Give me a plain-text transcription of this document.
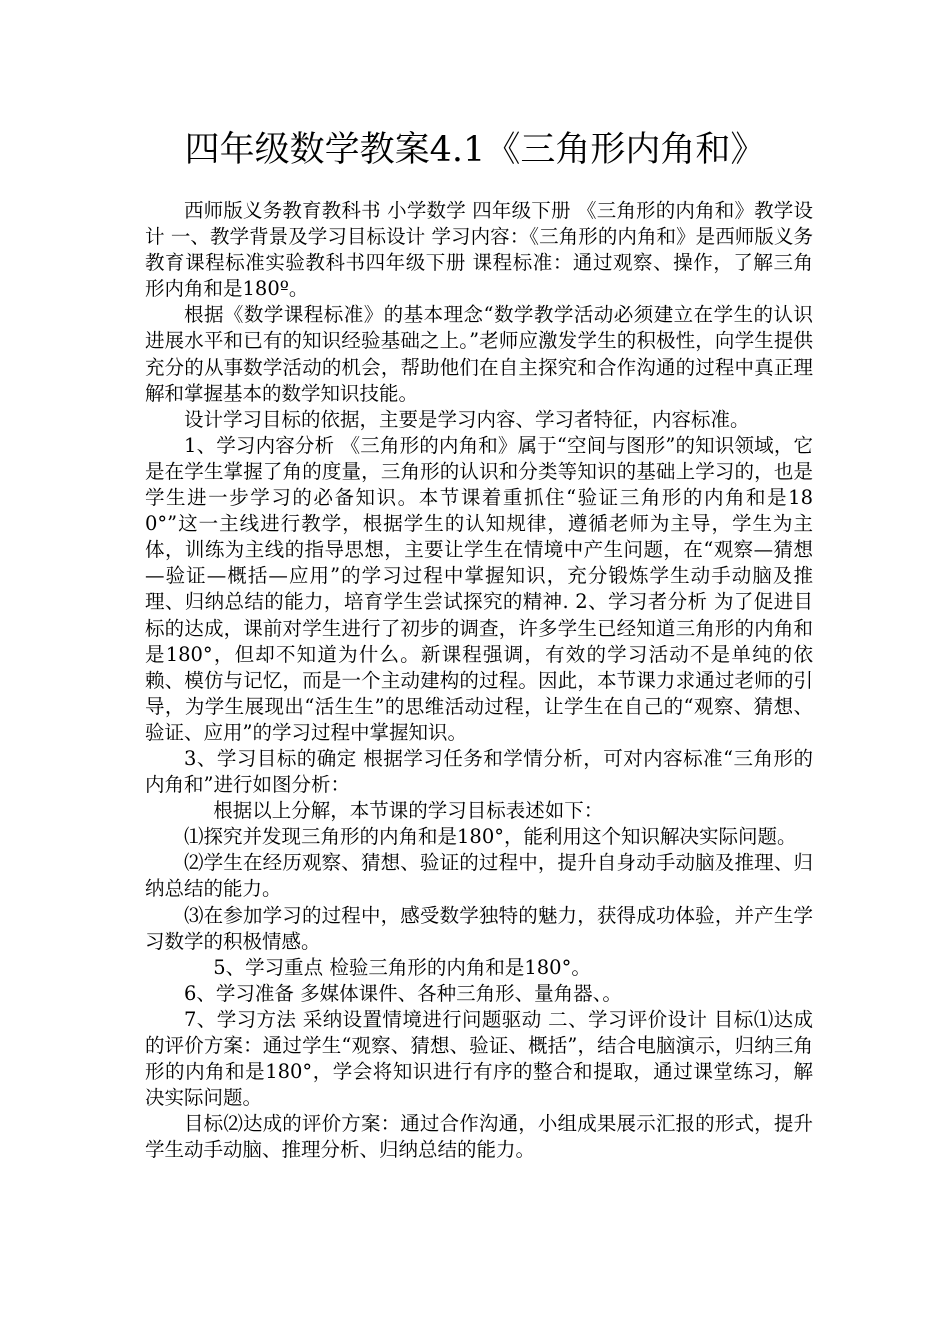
四年级数学教案4.1《三角形内角和》

西师版义务教育教科书 小学数学 四年级下册 《三角形的内角和》教学设计 一、教学背景及学习目标设计 学习内容：《三角形的内角和》是西师版义务教育课程标准实验教科书四年级下册 课程标准：通过观察、操作，了解三角形内角和是180º。

根据《数学课程标准》的基本理念“数学教学活动必须建立在学生的认识进展水平和已有的知识经验基础之上。”老师应激发学生的积极性，向学生提供充分的从事数学活动的机会，帮助他们在自主探究和合作沟通的过程中真正理解和掌握基本的数学知识技能。

设计学习目标的依据，主要是学习内容、学习者特征，内容标准。

1、学习内容分析 《三角形的内角和》属于“空间与图形”的知识领域，它是在学生掌握了角的度量，三角形的认识和分类等知识的基础上学习的，也是学生进一步学习的必备知识。本节课着重抓住“验证三角形的内角和是180°”这一主线进行教学，根据学生的认知规律，遵循老师为主导，学生为主体，训练为主线的指导思想，主要让学生在情境中产生问题，在“观察—猜想—验证—概括—应用”的学习过程中掌握知识，充分锻炼学生动手动脑及推理、归纳总结的能力，培育学生尝试探究的精神. 2、学习者分析 为了促进目标的达成，课前对学生进行了初步的调查，许多学生已经知道三角形的内角和是180°，但却不知道为什么。新课程强调，有效的学习活动不是单纯的依赖、模仿与记忆，而是一个主动建构的过程。因此，本节课力求通过老师的引导，为学生展现出“活生生”的思维活动过程，让学生在自己的“观察、猜想、验证、应用”的学习过程中掌握知识。

3、学习目标的确定 根据学习任务和学情分析，可对内容标准“三角形的内角和”进行如图分析：

根据以上分解，本节课的学习目标表述如下：

⑴探究并发现三角形的内角和是180°，能利用这个知识解决实际问题。

⑵学生在经历观察、猜想、验证的过程中，提升自身动手动脑及推理、归纳总结的能力。

⑶在参加学习的过程中，感受数学独特的魅力，获得成功体验，并产生学习数学的积极情感。

5、学习重点 检验三角形的内角和是180°。

6、学习准备 多媒体课件、各种三角形、量角器、。

7、学习方法 采纳设置情境进行问题驱动 二、学习评价设计 目标⑴达成的评价方案：通过学生“观察、猜想、验证、概括”，结合电脑演示，归纳三角形的内角和是180°，学会将知识进行有序的整合和提取，通过课堂练习，解决实际问题。

目标⑵达成的评价方案：通过合作沟通，小组成果展示汇报的形式，提升学生动手动脑、推理分析、归纳总结的能力。
